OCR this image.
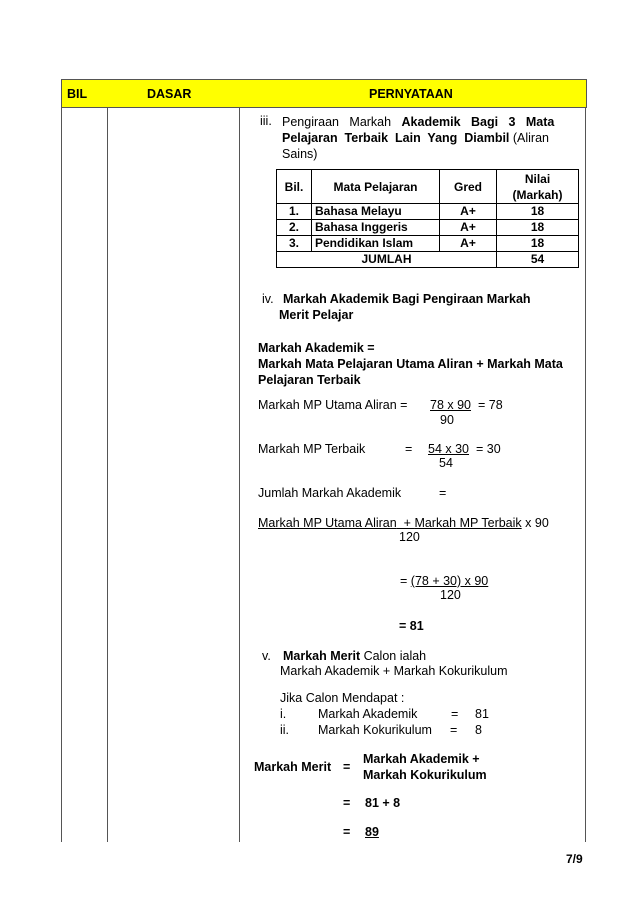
BIL	DASAR	PERNYATAAN
iii. Pengiraan   Markah   Akademik   Bagi   3   Mata
Pelajaran  Terbaik  Lain  Yang  Diambil (Aliran
Sains)
Bil.	Mata Pelajaran	Gred	Nilai
(Markah)
1.	Bahasa Melayu	A+	18
2.	Bahasa Inggeris	A+	18
3.	Pendidikan Islam	A+	18
JUMLAH			54
iv. Markah Akademik Bagi Pengiraan Markah
Merit Pelajar
Markah Akademik =
Markah Mata Pelajaran Utama Aliran + Markah Mata
Pelajaran Terbaik
Markah MP Utama Aliran = 78 x 90 = 78
90
Markah MP Terbaik	= 54 x 30 = 30
54
Jumlah Markah Akademik	=
Markah MP Utama Aliran  + Markah MP Terbaik x 90
120
= (78 + 30) x 90
120
= 81
v. Markah Merit Calon ialah
Markah Akademik + Markah Kokurikulum
Jika Calon Mendapat :
i.	Markah Akademik	= 81
ii. Markah Kokurikulum = 8
Markah Merit =
Markah Akademik +
Markah Kokurikulum
= 81 + 8
= 89
7/9
